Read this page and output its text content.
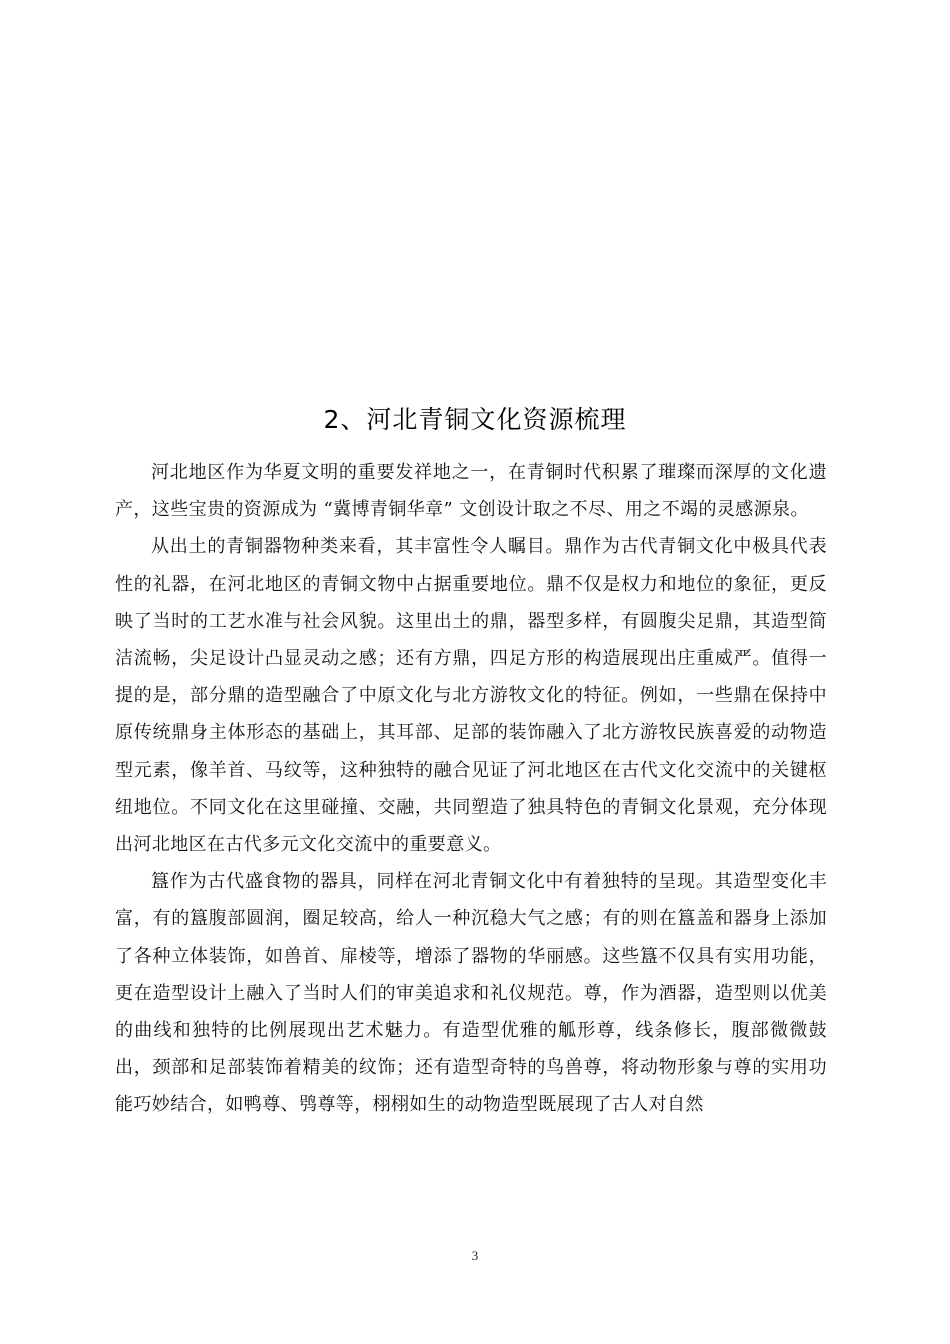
2、河北青铜文化资源梳理

河北地区作为华夏文明的重要发祥地之一，在青铜时代积累了璀璨而深厚的文化遗产，这些宝贵的资源成为 “冀博青铜华章” 文创设计取之不尽、用之不竭的灵感源泉。

从出土的青铜器物种类来看，其丰富性令人瞩目。鼎作为古代青铜文化中极具代表性的礼器，在河北地区的青铜文物中占据重要地位。鼎不仅是权力和地位的象征，更反映了当时的工艺水准与社会风貌。这里出土的鼎，器型多样，有圆腹尖足鼎，其造型简洁流畅，尖足设计凸显灵动之感；还有方鼎，四足方形的构造展现出庄重威严。值得一提的是，部分鼎的造型融合了中原文化与北方游牧文化的特征。例如，一些鼎在保持中原传统鼎身主体形态的基础上，其耳部、足部的装饰融入了北方游牧民族喜爱的动物造型元素，像羊首、马纹等，这种独特的融合见证了河北地区在古代文化交流中的关键枢纽地位。不同文化在这里碰撞、交融，共同塑造了独具特色的青铜文化景观，充分体现出河北地区在古代多元文化交流中的重要意义。

簋作为古代盛食物的器具，同样在河北青铜文化中有着独特的呈现。其造型变化丰富，有的簋腹部圆润，圈足较高，给人一种沉稳大气之感；有的则在簋盖和器身上添加了各种立体装饰，如兽首、扉棱等，增添了器物的华丽感。这些簋不仅具有实用功能，更在造型设计上融入了当时人们的审美追求和礼仪规范。尊，作为酒器，造型则以优美的曲线和独特的比例展现出艺术魅力。有造型优雅的觚形尊，线条修长，腹部微微鼓出，颈部和足部装饰着精美的纹饰；还有造型奇特的鸟兽尊，将动物形象与尊的实用功能巧妙结合，如鸭尊、鸮尊等，栩栩如生的动物造型既展现了古人对自然

3
